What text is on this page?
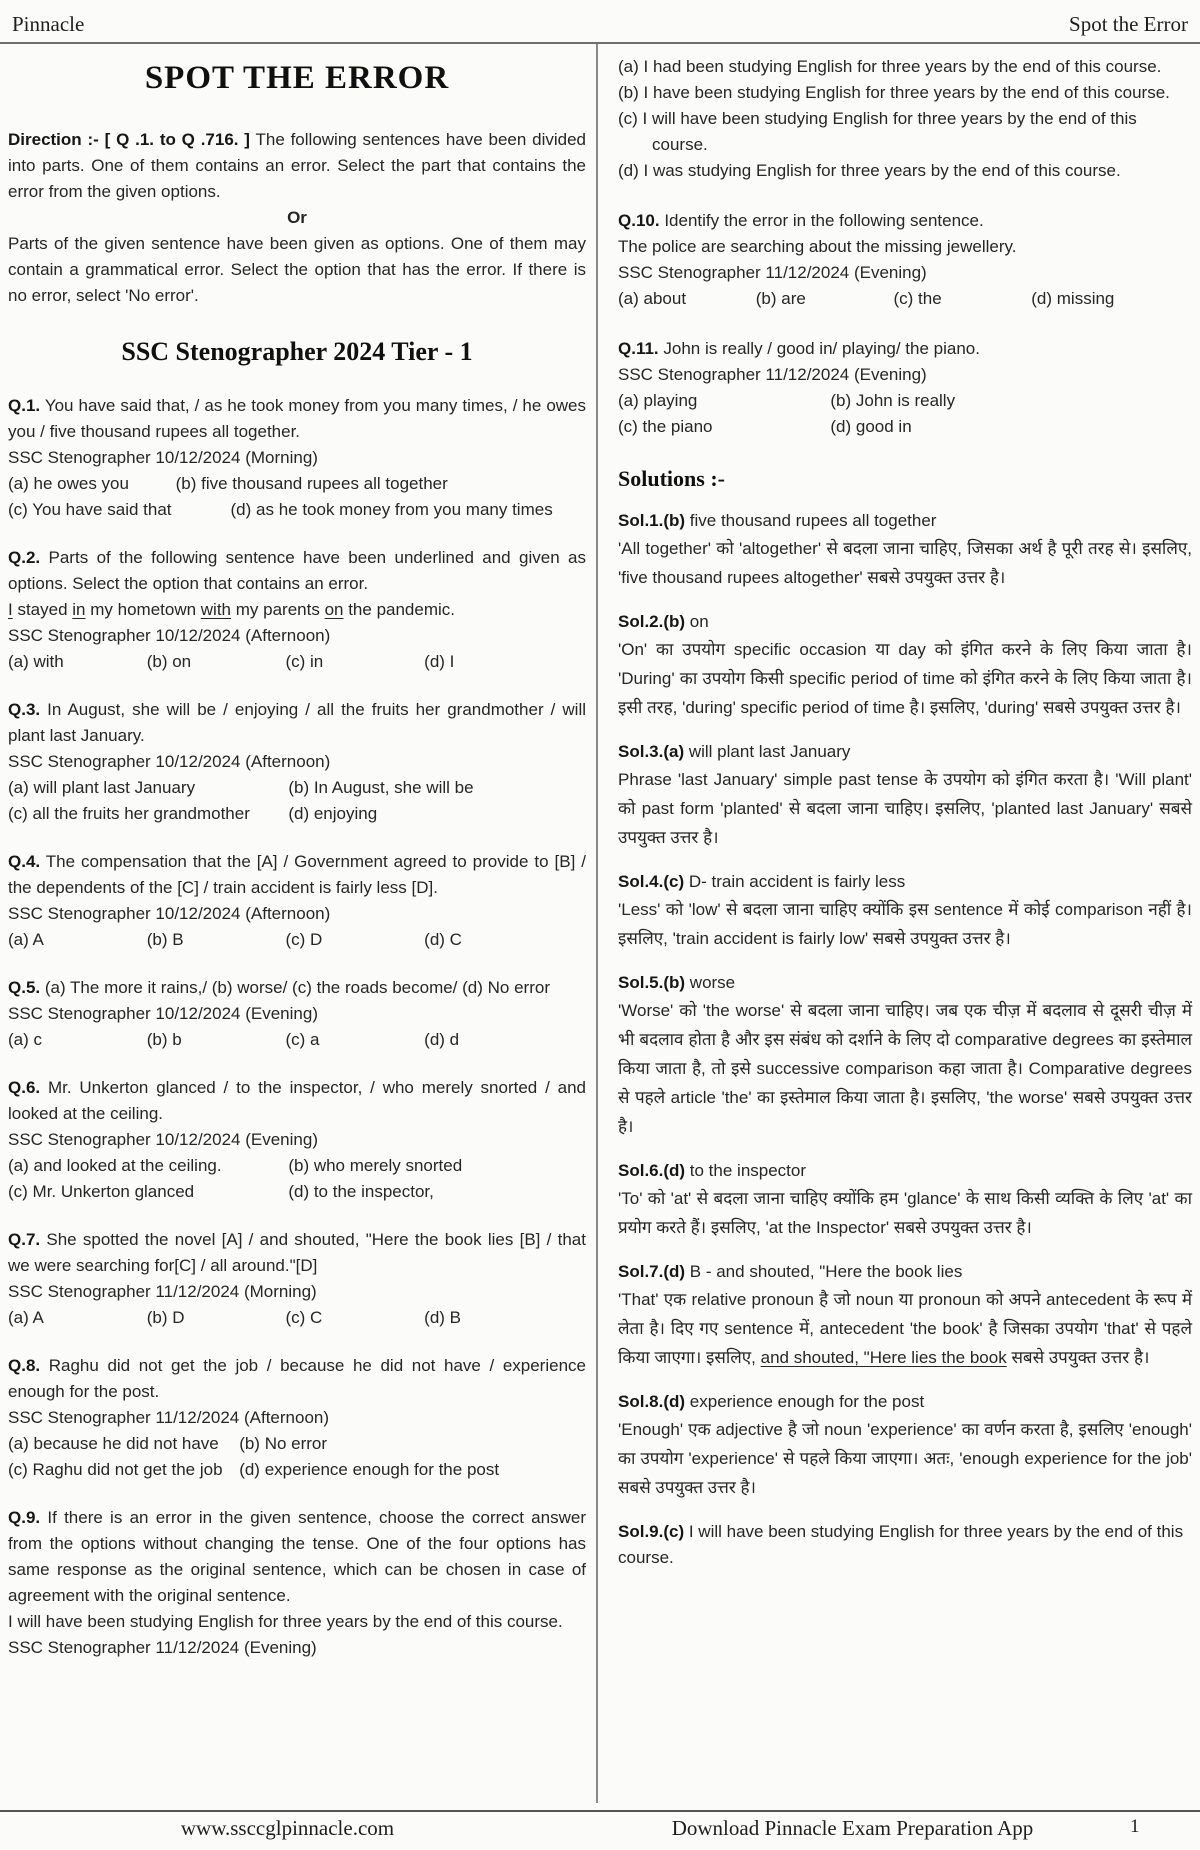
Pinnacle	Spot the Error
SPOT THE ERROR

Direction :- [ Q .1. to Q .716. ] The following sentences have been divided into parts. One of them contains an error. Select the part that contains the error from the given options.

Or

Parts of the given sentence have been given as options. One of them may contain a grammatical error. Select the option that has the error. If there is no error, select 'No error'.

SSC Stenographer 2024 Tier - 1

Q.1. You have said that, / as he took money from you many times, / he owes you / five thousand rupees all together.

SSC Stenographer 10/12/2024 (Morning)

(a) he owes you	(b) five thousand rupees all together
(c) You have said that	(d) as he took money from you many times

Q.2. Parts of the following sentence have been underlined and given as options. Select the option that contains an error.

I stayed in my hometown with my parents on the pandemic.

SSC Stenographer 10/12/2024 (Afternoon)

(a) with	(b) on	(c) in	(d) I

Q.3. In August, she will be / enjoying / all the fruits her grandmother / will plant last January.

SSC Stenographer 10/12/2024 (Afternoon)

(a) will plant last January	(b) In August, she will be
(c) all the fruits her grandmother	(d) enjoying

Q.4. The compensation that the [A] / Government agreed to provide to [B] / the dependents of the [C] / train accident is fairly less [D].

SSC Stenographer 10/12/2024 (Afternoon)

(a) A	(b) B	(c) D	(d) C

Q.5. (a) The more it rains,/ (b) worse/ (c) the roads become/ (d) No error

SSC Stenographer 10/12/2024 (Evening)

(a) c	(b) b	(c) a	(d) d

Q.6. Mr. Unkerton glanced / to the inspector, / who merely snorted / and looked at the ceiling.

SSC Stenographer 10/12/2024 (Evening)

(a) and looked at the ceiling.	(b) who merely snorted
(c) Mr. Unkerton glanced	(d) to the inspector,

Q.7. She spotted the novel [A] / and shouted, "Here the book lies [B] / that we were searching for[C] / all around."[D]

SSC Stenographer 11/12/2024 (Morning)

(a) A	(b) D	(c) C	(d) B

Q.8. Raghu did not get the job / because he did not have / experience enough for the post.

SSC Stenographer 11/12/2024 (Afternoon)

(a) because he did not have	(b) No error
(c) Raghu did not get the job (d) experience enough for the post

Q.9. If there is an error in the given sentence, choose the correct answer from the options without changing the tense. One of the four options has same response as the original sentence, which can be chosen in case of agreement with the original sentence.

I will have been studying English for three years by the end of this course.

SSC Stenographer 11/12/2024 (Evening)

(a) I had been studying English for three years by the end of this course.

(b) I have been studying English for three years by the end of this course.

(c) I will have been studying English for three years by the end of this course.

(d) I was studying English for three years by the end of this course.

Q.10. Identify the error in the following sentence.

The police are searching about the missing jewellery.

SSC Stenographer 11/12/2024 (Evening)

(a) about	(b) are	(c) the	(d) missing

Q.11. John is really / good in/ playing/ the piano.

SSC Stenographer 11/12/2024 (Evening)

(a) playing	(b) John is really
(c) the piano	(d) good in
Solutions :-

Sol.1.(b) five thousand rupees all together

'All together' को 'altogether' से बदला जाना चाहिए, जिसका अर्थ है पूरी तरह से। इसलिए, 'five thousand rupees altogether' सबसे उपयुक्त उत्तर है।

Sol.2.(b) on

'On' का उपयोग specific occasion या day को इंगित करने के लिए किया जाता है। 'During' का उपयोग किसी specific period of time को इंगित करने के लिए किया जाता है। इसी तरह, 'during' specific period of time है। इसलिए, 'during' सबसे उपयुक्त उत्तर है।

Sol.3.(a) will plant last January

Phrase 'last January' simple past tense के उपयोग को इंगित करता है। 'Will plant' को past form 'planted' से बदला जाना चाहिए। इसलिए, 'planted last January' सबसे उपयुक्त उत्तर है।

Sol.4.(c) D- train accident is fairly less

'Less' को 'low' से बदला जाना चाहिए क्योंकि इस sentence में कोई comparison नहीं है। इसलिए, 'train accident is fairly low' सबसे उपयुक्त उत्तर है।

Sol.5.(b) worse

'Worse' को 'the worse' से बदला जाना चाहिए। जब एक चीज़ में बदलाव से दूसरी चीज़ में भी बदलाव होता है और इस संबंध को दर्शाने के लिए दो comparative degrees का इस्तेमाल किया जाता है, तो इसे successive comparison कहा जाता है। Comparative degrees से पहले article 'the' का इस्तेमाल किया जाता है। इसलिए, 'the worse' सबसे उपयुक्त उत्तर है।

Sol.6.(d) to the inspector

'To' को 'at' से बदला जाना चाहिए क्योंकि हम 'glance' के साथ किसी व्यक्ति के लिए 'at' का प्रयोग करते हैं। इसलिए, 'at the Inspector' सबसे उपयुक्त उत्तर है।

Sol.7.(d) B - and shouted, "Here the book lies

'That' एक relative pronoun है जो noun या pronoun को अपने antecedent के रूप में लेता है। दिए गए sentence में, antecedent 'the book' है जिसका उपयोग 'that' से पहले किया जाएगा। इसलिए, and shouted, "Here lies the book सबसे उपयुक्त उत्तर है।

Sol.8.(d) experience enough for the post

'Enough' एक adjective है जो noun 'experience' का वर्णन करता है, इसलिए 'enough' का उपयोग 'experience' से पहले किया जाएगा। अतः, 'enough experience for the job' सबसे उपयुक्त उत्तर है।

Sol.9.(c) I will have been studying English for three years by the end of this course.

www.ssccglpinnacle.com	Download Pinnacle Exam Preparation App	1
